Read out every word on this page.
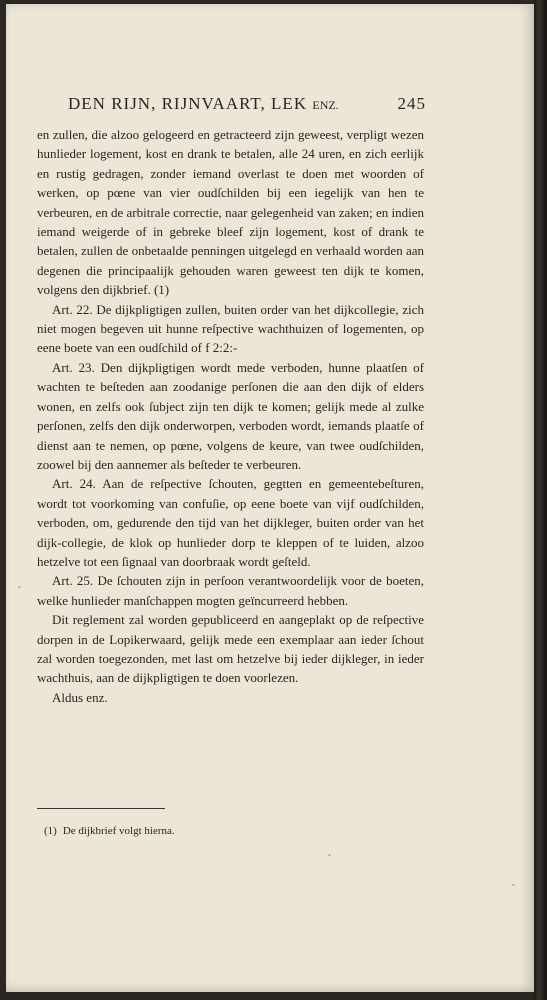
DEN RIJN, RIJNVAART, LEK ENZ.	245

en zullen, die alzoo gelogeerd en getracteerd zijn geweest, verpligt wezen hunlieder logement, kost en drank te betalen, alle 24 uren, en zich eerlijk en rustig gedragen, zonder iemand overlast te doen met woorden of werken, op pœne van vier oudſchilden bij een iegelijk van hen te verbeuren, en de arbitrale correctie, naar gelegenheid van zaken; en indien iemand weigerde of in gebreke bleef zijn logement, kost of drank te betalen, zullen de onbetaalde penningen uitgelegd en verhaald worden aan degenen die principaalijk gehouden waren geweest ten dijk te komen, volgens den dijkbrief. (1)

Art. 22. De dijkpligtigen zullen, buiten order van het dijkcollegie, zich niet mogen begeven uit hunne reſpective wachthuizen of logementen, op eene boete van een oudſchild of f 2:2:-

Art. 23. Den dijkpligtigen wordt mede verboden, hunne plaatſen of wachten te beſteden aan zoodanige perſonen die aan den dijk of elders wonen, en zelfs ook ſubject zijn ten dijk te komen; gelijk mede al zulke perſonen, zelfs den dijk onderworpen, verboden wordt, iemands plaatſe of dienst aan te nemen, op pœne, volgens de keure, van twee oudſchilden, zoowel bij den aannemer als beſteder te verbeuren.

Art. 24. Aan de reſpective ſchouten, gegtten en gemeentebeſturen, wordt tot voorkoming van confuſie, op eene boete van vijf oudſchilden, verboden, om, gedurende den tijd van het dijkleger, buiten order van het dijk-collegie, de klok op hunlieder dorp te kleppen of te luiden, alzoo hetzelve tot een ſignaal van doorbraak wordt geſteld.

Art. 25. De ſchouten zijn in perſoon verantwoordelijk voor de boeten, welke hunlieder manſchappen mogten geïncurreerd hebben.

Dit reglement zal worden gepubliceerd en aangeplakt op de reſpective dorpen in de Lopikerwaard, gelijk mede een exemplaar aan ieder ſchout zal worden toegezonden, met last om hetzelve bij ieder dijkleger, in ieder wachthuis, aan de dijkpligtigen te doen voorlezen.

Aldus enz.

(1) De dijkbrief volgt hierna.
